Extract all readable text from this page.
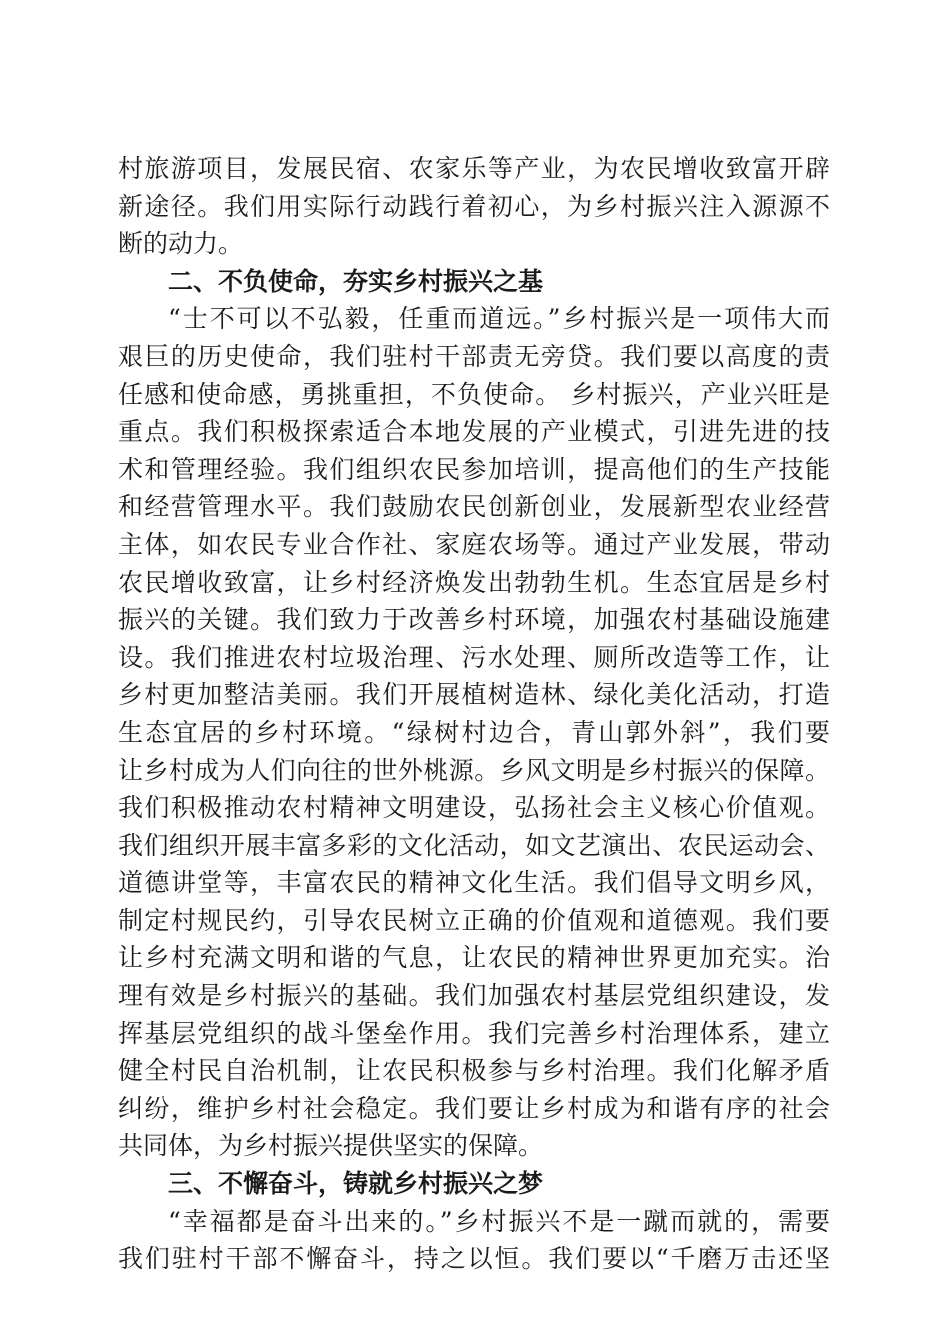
村旅游项目，发展民宿、农家乐等产业，为农民增收致富开辟
新途径。我们用实际行动践行着初心，为乡村振兴注入源源不
断的动力。
二、不负使命，夯实乡村振兴之基
“士不可以不弘毅，任重而道远。”乡村振兴是一项伟大而
艰巨的历史使命，我们驻村干部责无旁贷。我们要以高度的责
任感和使命感，勇挑重担，不负使命。 乡村振兴，产业兴旺是
重点。我们积极探索适合本地发展的产业模式，引进先进的技
术和管理经验。我们组织农民参加培训，提高他们的生产技能
和经营管理水平。我们鼓励农民创新创业，发展新型农业经营
主体，如农民专业合作社、家庭农场等。通过产业发展，带动
农民增收致富，让乡村经济焕发出勃勃生机。生态宜居是乡村
振兴的关键。我们致力于改善乡村环境，加强农村基础设施建
设。我们推进农村垃圾治理、污水处理、厕所改造等工作，让
乡村更加整洁美丽。我们开展植树造林、绿化美化活动，打造
生态宜居的乡村环境。“绿树村边合，青山郭外斜”，我们要
让乡村成为人们向往的世外桃源。乡风文明是乡村振兴的保障。
我们积极推动农村精神文明建设，弘扬社会主义核心价值观。
我们组织开展丰富多彩的文化活动，如文艺演出、农民运动会、
道德讲堂等，丰富农民的精神文化生活。我们倡导文明乡风，
制定村规民约，引导农民树立正确的价值观和道德观。我们要
让乡村充满文明和谐的气息，让农民的精神世界更加充实。治
理有效是乡村振兴的基础。我们加强农村基层党组织建设，发
挥基层党组织的战斗堡垒作用。我们完善乡村治理体系，建立
健全村民自治机制，让农民积极参与乡村治理。我们化解矛盾
纠纷，维护乡村社会稳定。我们要让乡村成为和谐有序的社会
共同体，为乡村振兴提供坚实的保障。
三、不懈奋斗，铸就乡村振兴之梦
“幸福都是奋斗出来的。”乡村振兴不是一蹴而就的，需要
我们驻村干部不懈奋斗，持之以恒。我们要以“千磨万击还坚
